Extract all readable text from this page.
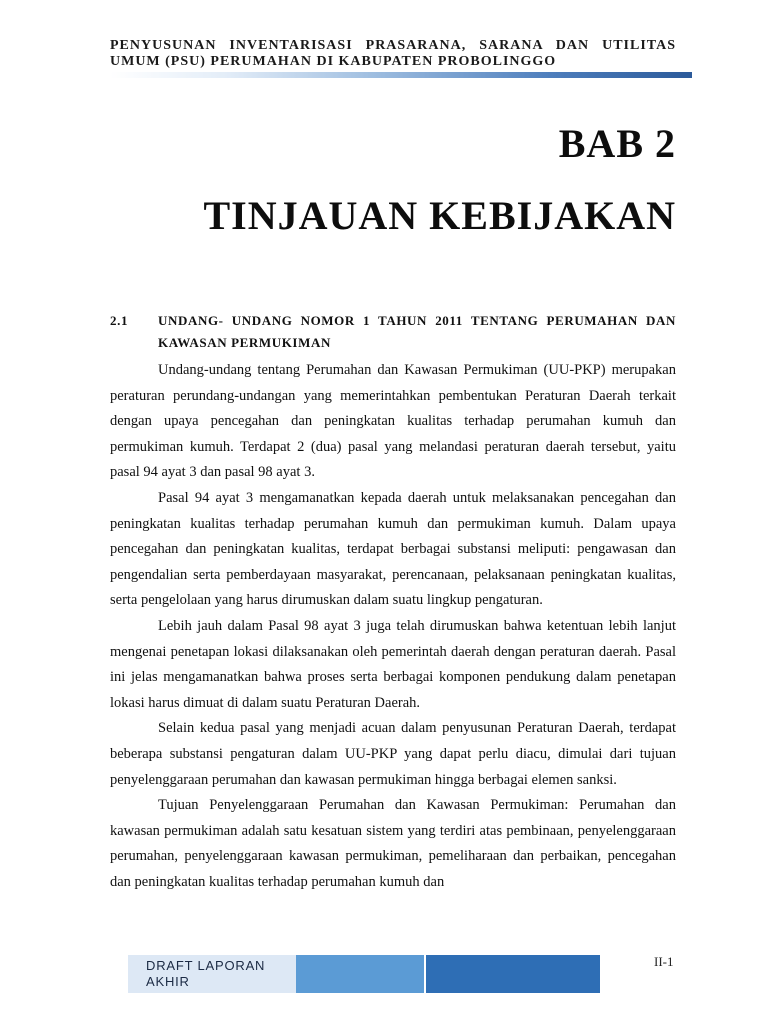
PENYUSUNAN INVENTARISASI PRASARANA, SARANA DAN UTILITAS
UMUM (PSU) PERUMAHAN DI KABUPATEN PROBOLINGGO
BAB 2
TINJAUAN KEBIJAKAN
2.1 UNDANG- UNDANG NOMOR 1 TAHUN 2011 TENTANG PERUMAHAN DAN KAWASAN PERMUKIMAN

Undang-undang tentang Perumahan dan Kawasan Permukiman (UU-PKP) merupakan peraturan perundang-undangan yang memerintahkan pembentukan Peraturan Daerah terkait dengan upaya pencegahan dan peningkatan kualitas terhadap perumahan kumuh dan permukiman kumuh. Terdapat 2 (dua) pasal yang melandasi peraturan daerah tersebut, yaitu pasal 94 ayat 3 dan pasal 98 ayat 3.

Pasal 94 ayat 3 mengamanatkan kepada daerah untuk melaksanakan pencegahan dan peningkatan kualitas terhadap perumahan kumuh dan permukiman kumuh. Dalam upaya pencegahan dan peningkatan kualitas, terdapat berbagai substansi meliputi: pengawasan dan pengendalian serta pemberdayaan masyarakat, perencanaan, pelaksanaan peningkatan kualitas, serta pengelolaan yang harus dirumuskan dalam suatu lingkup pengaturan.

Lebih jauh dalam Pasal 98 ayat 3 juga telah dirumuskan bahwa ketentuan lebih lanjut mengenai penetapan lokasi dilaksanakan oleh pemerintah daerah dengan peraturan daerah. Pasal ini jelas mengamanatkan bahwa proses serta berbagai komponen pendukung dalam penetapan lokasi harus dimuat di dalam suatu Peraturan Daerah.

Selain kedua pasal yang menjadi acuan dalam penyusunan Peraturan Daerah, terdapat beberapa substansi pengaturan dalam UU-PKP yang dapat perlu diacu, dimulai dari tujuan penyelenggaraan perumahan dan kawasan permukiman hingga berbagai elemen sanksi.

Tujuan Penyelenggaraan Perumahan dan Kawasan Permukiman: Perumahan dan kawasan permukiman adalah satu kesatuan sistem yang terdiri atas pembinaan, penyelenggaraan perumahan, penyelenggaraan kawasan permukiman, pemeliharaan dan perbaikan, pencegahan dan peningkatan kualitas terhadap perumahan kumuh dan

DRAFT LAPORAN AKHIR
II-1
